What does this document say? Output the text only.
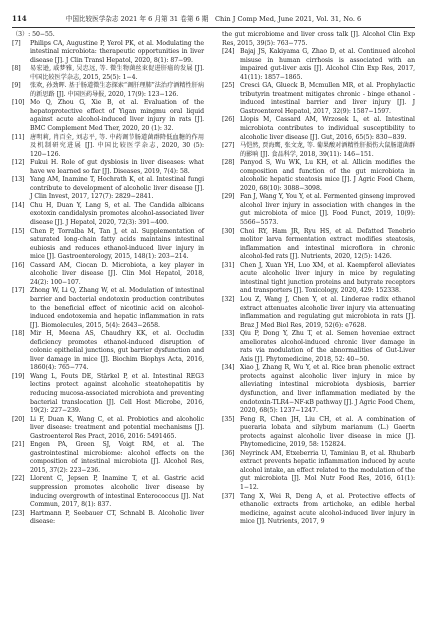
114	中国比较医学杂志 2021 年 6 月第 31 卷第 6 期　Chin J Comp Med, June 2021, Vol. 31, No. 6
（3）: 50−55.
[7]	Philips CA, Augustine P, Yerol PK, et al. Modulating the intestinal microbiota: therapeutic opportunities in liver disease [J]. J Clin Transl Hepatol, 2020, 8(1): 87−99.
[8]	易宏逊, 戚梦雅, 吴忠远, 等. 微生物菌丝束促进肝癌的发展 [J]. 中国比较医学杂志, 2015, 25(5): 1−4.
[9]	张欢, 孙劲晖. 基于肠道微生态探索“调肝理肺”法治疗酒精性肝病的新思路 [J]. 中国医药导报, 2020, 17(9): 123−126.
[10] Mo Q, Zhou G, Xie B, et al. Evaluation of the hepatoprotective effect of Yigan mingmu oral liquid against acute alcohol-induced liver injury in rats [J]. BMC Complement Med Ther, 2020, 20 (1): 32.
[11] 唐明莉, 肖百全, 刘志平, 等. 中药调节肠道菌群降低血糖的作用及机制研究进展 [J]. 中国比较医学杂志, 2020, 30 (5): 120−126.
[12] Fukui H. Role of gut dysbiosis in liver diseases: what have we learned so far [J]. Diseases, 2019, 7(4): 58.
[13] Yang AM, Inamine T, Hochrath K, et al. Intestinal fungi contribute to development of alcoholic liver disease [J]. J Clin Invest, 2017, 127(7): 2829−2841.
[14] Chu H, Duan Y, Lang S, et al. The Candida albicans exotoxin candidalysin promotes alcohol-associated liver disease [J]. J Hepatol, 2020, 72(3): 391−400.
[15] Chen P, Torralba M, Tan J, et al. Supplementation of saturated long-chain fatty acids maintains intestinal eubiosis and reduces ethanol-induced liver injury in mice [J]. Gastroenterology, 2015, 148(1): 203−214.
[16] Cassard AM, Ciocan D. Microbiota, a key player in alcoholic liver disease [J]. Clin Mol Hepatol, 2018, 24(2): 100−107.
[17] Zhong W, Li Q, Zhang W, et al. Modulation of intestinal barrier and bacterial endotoxin production contributes to the beneficial effect of nicotinic acid on alcohol-induced endotoxemia and hepatic inflammation in rats [J]. Biomolecules, 2015, 5(4): 2643−2658.
[18] Mir H, Meena AS, Chaudhry KK, et al. Occludin deficiency promotes ethanol-induced disruption of colonic epithelial junctions, gut barrier dysfunction and liver damage in mice [J]. Biochim Biophys Acta, 2016, 1860(4): 765−774.
[19] Wang L, Fouts DE, Stärkel P, et al. Intestinal REG3 lectins protect against alcoholic steatohepatitis by reducing mucosa-associated microbiota and preventing bacterial translocation [J]. Cell Host Microbe, 2016, 19(2): 227−239.
[20] Li F, Duan K, Wang C, et al. Probiotics and alcoholic liver disease: treatment and potential mechanisms [J]. Gastroenterol Res Pract, 2016, 2016: 5491465.
[21] Engen PA, Green SJ, Voigt RM, et al. The gastrointestinal microbiome: alcohol effects on the composition of intestinal microbiota [J]. Alcohol Res, 2015, 37(2): 223−236.
[22] Llorent C, Jepsen P, Inamine T, et al. Gastric acid suppression promotes alcoholic liver disease by inducing overgrowth of intestinal Enterococcus [J]. Nat Commun, 2017, 8(1): 837.
[23] Hartmann P, Seebauer CT, Schnabl B. Alcoholic liver disease:
the gut microbiome and liver cross talk [J]. Alcohol Clin Exp Res, 2015, 39(5): 763−775.
[24] Bajaj JS, Kakiyama G, Zhao D, et al. Continued alcohol misuse in human cirrhosis is associated with an impaired gut-liver axis [J]. Alcohol Clin Exp Res, 2017, 41(11): 1857−1865.
[25] Cresci GA, Glueck B, Mcmullen MR, et al. Prophylactic tributyrin treatment mitigates chronic - binge ethanol - induced intestinal barrier and liver injury [J]. J Gastroenterol Hepatol, 2017, 32(9): 1587−1597.
[26] Llopis M, Cassard AM, Wrzosek L, et al. Intestinal microbiota contributes to individual susceptibility to alcoholic liver disease [J]. Gut, 2016, 65(5): 830−839.
[27] 马恺然, 贾海鹰, 张文龙, 等. 葡果酸对酒精性肝损伤大鼠肠道菌群的影响 [J]. 食品科学, 2018, 39(11): 146−151.
[28] Panyod S, Wu WK, Lu KH, et al. Allicin modifies the composition and function of the gut microbiota in alcoholic hepatic steatosis mice [J]. J Agric Food Chem, 2020, 68(10): 3088−3098.
[29] Fan J, Wang Y, You Y, et al. Fermented ginseng improved alcohol liver injury in association with changes in the gut microbiota of mice [J]. Food Funct, 2019, 10(9): 5566−5573.
[30] Choi RY, Ham JR, Ryu HS, et al. Defatted Tenebrio molitor larva fermentation extract modifies steatosis, inflammation and intestinal microflora in chronic alcohol-fed rats [J]. Nutrients, 2020, 12(5): 1426.
[31] Chen J, Xuan YH, Luo XM, et al. Kaempferol alleviates acute alcoholic liver injury in mice by regulating intestinal tight junction proteins and butyrate receptors and transporters [J]. Toxicology, 2020, 429: 152338.
[32] Lou Z, Wang J, Chen Y, et al. Linderae radix ethanol extract attenuates alcoholic liver injury via attenuating inflammation and regulating gut microbiota in rats [J]. Braz J Med Biol Res, 2019, 52(6): e7628.
[33] Qiu P, Dong Y, Zhu T, et al. Semen hoveniae extract ameliorates alcohol-induced chronic liver damage in rats via modulation of the abnormalities of Gut-Liver Axis [J]. Phytomedicine, 2018, 52: 40−50.
[34] Xiao J, Zhang R, Wu Y, et al. Rice bran phenolic extract protects against alcoholic liver injury in mice by alleviating intestinal microbiota dysbiosis, barrier dysfunction, and liver inflammation mediated by the endotoxin-TLR4−NF-κB pathway [J]. J Agric Food Chem, 2020, 68(5): 1237−1247.
[35] Feng R, Chen JH, Liu CH, et al. A combination of pueraria lobata and silybum marianum (L.) Gaertn protects against alcoholic liver disease in mice [J]. Phytomedicine, 2019, 58: 152824.
[36] Neyrinck AM, Etxeberria U, Taminiau B, et al. Rhubarb extract prevents hepatic inflammation induced by acute alcohol intake, an effect related to the modulation of the gut microbiota [J]. Mol Nutr Food Res, 2016, 61(1): 1−12.
[37] Tang X, Wei R, Deng A, et al. Protective effects of ethanolic extracts from artichoke, an edible herbal medicine, against acute alcohol-induced liver injury in mice [J]. Nutrients, 2017, 9
